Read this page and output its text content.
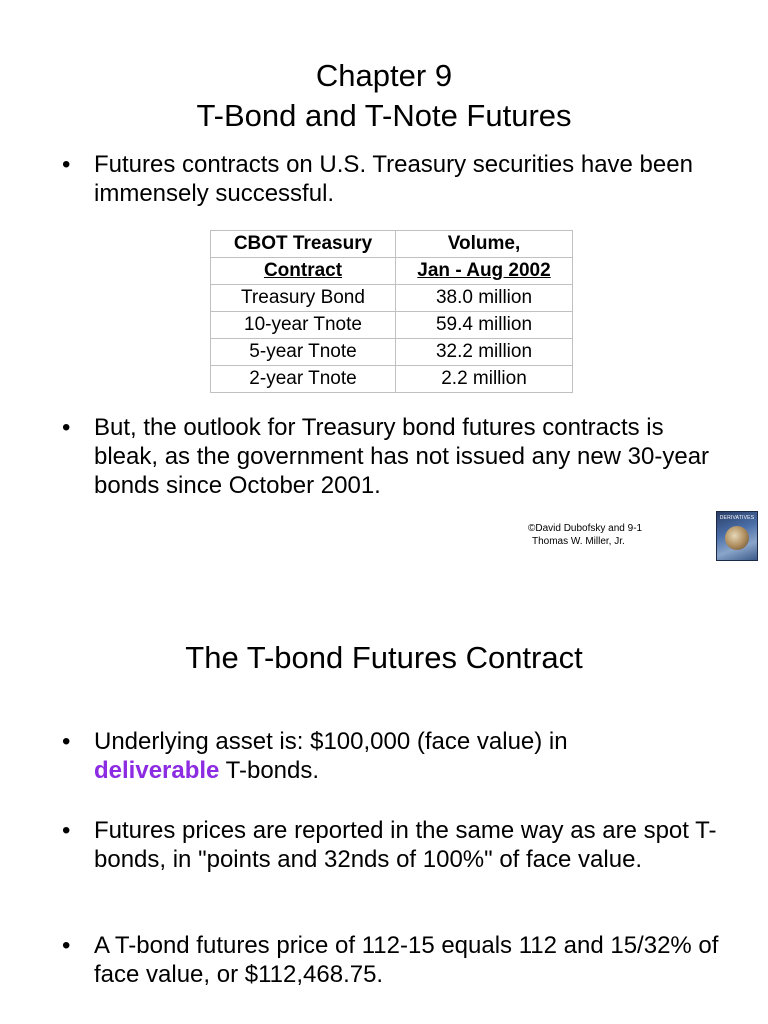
Chapter 9
T-Bond and T-Note Futures
• Futures contracts on U.S. Treasury securities have been immensely successful.
CBOT Treasury	Volume,
Contract	Jan - Aug 2002
Treasury Bond	38.0 million
10-year Tnote	59.4 million
5-year Tnote	32.2 million
2-year Tnote	2.2 million
• But, the outlook for Treasury bond futures contracts is bleak, as the government has not issued any new 30-year bonds since October 2001.
©David Dubofsky and 9-1
Thomas W. Miller, Jr.
DERIVATIVES
The T-bond Futures Contract
• Underlying asset is: $100,000 (face value) in
deliverable T-bonds.
• Futures prices are reported in the same way as are spot T-bonds, in "points and 32nds of 100%" of face value.
• A T-bond futures price of 112-15 equals 112 and 15/32% of face value, or $112,468.75.
